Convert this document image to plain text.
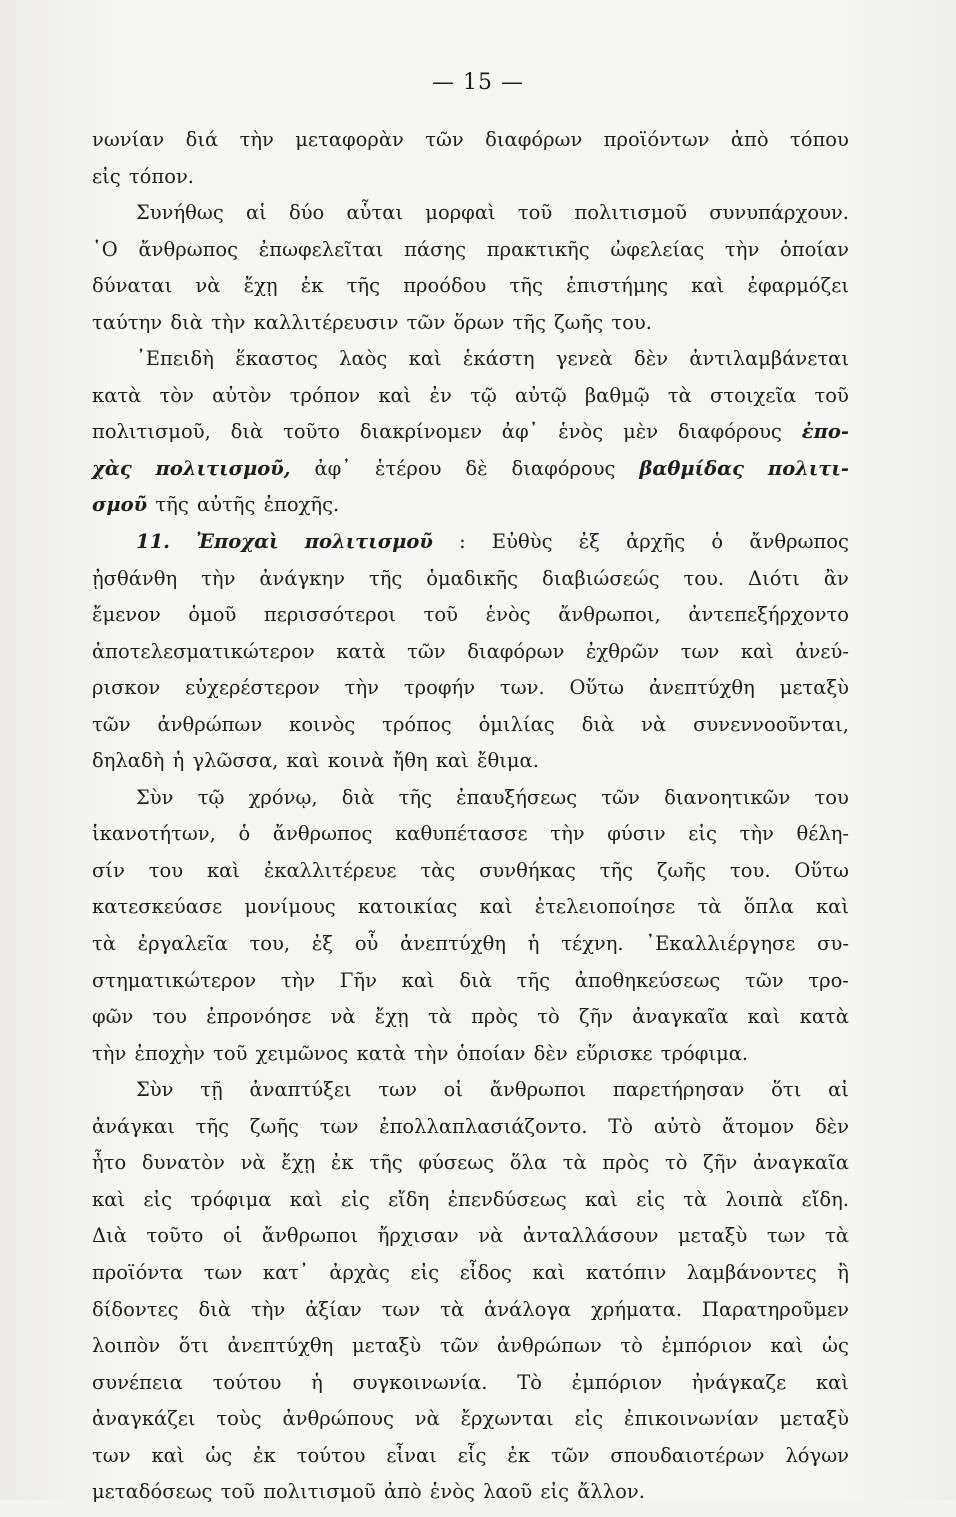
— 15 —
νωνίαν διά τὴν μεταφορὰν τῶν διαφόρων προϊόντων ἀπὸ τόπου
εἰς τόπον.
Συνήθως αἱ δύο αὗται μορφαὶ τοῦ πολιτισμοῦ συνυπάρχουν.
῾Ο ἄνθρωπος ἐπωφελεῖται πάσης πρακτικῆς ὠφελείας τὴν ὁποίαν
δύναται νὰ ἔχῃ ἐκ τῆς προόδου τῆς ἐπιστήμης καὶ ἐφαρμόζει
ταύτην διὰ τὴν καλλιτέρευσιν τῶν ὅρων τῆς ζωῆς του.
᾿Επειδὴ ἕκαστος λαὸς καὶ ἑκάστη γενεὰ δὲν ἀντιλαμβάνεται
κατὰ τὸν αὐτὸν τρόπον καὶ ἐν τῷ αὐτῷ βαθμῷ τὰ στοιχεῖα τοῦ
πολιτισμοῦ, διὰ τοῦτο διακρίνομεν ἀφ᾿ ἑνὸς μὲν διαφόρους ἐπο-
χὰς πολιτισμοῦ, ἀφ᾿ ἑτέρου δὲ διαφόρους βαθμίδας πολιτι-
σμοῦ τῆς αὐτῆς ἐποχῆς.
11. Ἐποχαὶ πολιτισμοῦ : Εὐθὺς ἐξ ἀρχῆς ὁ ἄνθρωπος
ᾐσθάνθη τὴν ἀνάγκην τῆς ὁμαδικῆς διαβιώσεώς του. Διότι ἂν
ἔμενον ὁμοῦ περισσότεροι τοῦ ἑνὸς ἄνθρωποι, ἀντεπεξήρχοντο
ἀποτελεσματικώτερον κατὰ τῶν διαφόρων ἐχθρῶν των καὶ ἀνεύ-
ρισκον εὐχερέστερον τὴν τροφήν των. Οὕτω ἀνεπτύχθη μεταξὺ
τῶν ἀνθρώπων κοινὸς τρόπος ὁμιλίας διὰ νὰ συνεννοοῦνται,
δηλαδὴ ἡ γλῶσσα, καὶ κοινὰ ἤθη καὶ ἔθιμα.
Σὺν τῷ χρόνῳ, διὰ τῆς ἐπαυξήσεως τῶν διανοητικῶν του
ἱκανοτήτων, ὁ ἄνθρωπος καθυπέτασσε τὴν φύσιν εἰς τὴν θέλη-
σίν του καὶ ἐκαλλιτέρευε τὰς συνθήκας τῆς ζωῆς του. Οὕτω
κατεσκεύασε μονίμους κατοικίας καὶ ἐτελειοποίησε τὰ ὅπλα καὶ
τὰ ἐργαλεῖα του, ἐξ οὗ ἀνεπτύχθη ἡ τέχνη. ᾿Εκαλλιέργησε συ-
στηματικώτερον τὴν Γῆν καὶ διὰ τῆς ἀποθηκεύσεως τῶν τρο-
φῶν του ἐπρονόησε νὰ ἔχῃ τὰ πρὸς τὸ ζῆν ἀναγκαῖα καὶ κατὰ
τὴν ἐποχὴν τοῦ χειμῶνος κατὰ τὴν ὁποίαν δὲν εὕρισκε τρόφιμα.
Σὺν τῇ ἀναπτύξει των οἱ ἄνθρωποι παρετήρησαν ὅτι αἱ
ἀνάγκαι τῆς ζωῆς των ἐπολλαπλασιάζοντο. Τὸ αὐτὸ ἄτομον δὲν
ἦτο δυνατὸν νὰ ἔχῃ ἐκ τῆς φύσεως ὅλα τὰ πρὸς τὸ ζῆν ἀναγκαῖα
καὶ εἰς τρόφιμα καὶ εἰς εἴδη ἐπενδύσεως καὶ εἰς τὰ λοιπὰ εἴδη.
Διὰ τοῦτο οἱ ἄνθρωποι ἤρχισαν νὰ ἀνταλλάσουν μεταξὺ των τὰ
προϊόντα των κατ᾿ ἀρχὰς εἰς εἶδος καὶ κατόπιν λαμβάνοντες ἢ
δίδοντες διὰ τὴν ἀξίαν των τὰ ἀνάλογα χρήματα. Παρατηροῦμεν
λοιπὸν ὅτι ἀνεπτύχθη μεταξὺ τῶν ἀνθρώπων τὸ ἐμπόριον καὶ ὡς
συνέπεια τούτου ἡ συγκοινωνία. Τὸ ἐμπόριον ἠνάγκαζε καὶ
ἀναγκάζει τοὺς ἀνθρώπους νὰ ἔρχωνται εἰς ἐπικοινωνίαν μεταξὺ
των καὶ ὡς ἐκ τούτου εἶναι εἷς ἐκ τῶν σπουδαιοτέρων λόγων
μεταδόσεως τοῦ πολιτισμοῦ ἀπὸ ἑνὸς λαοῦ εἰς ἄλλον.
